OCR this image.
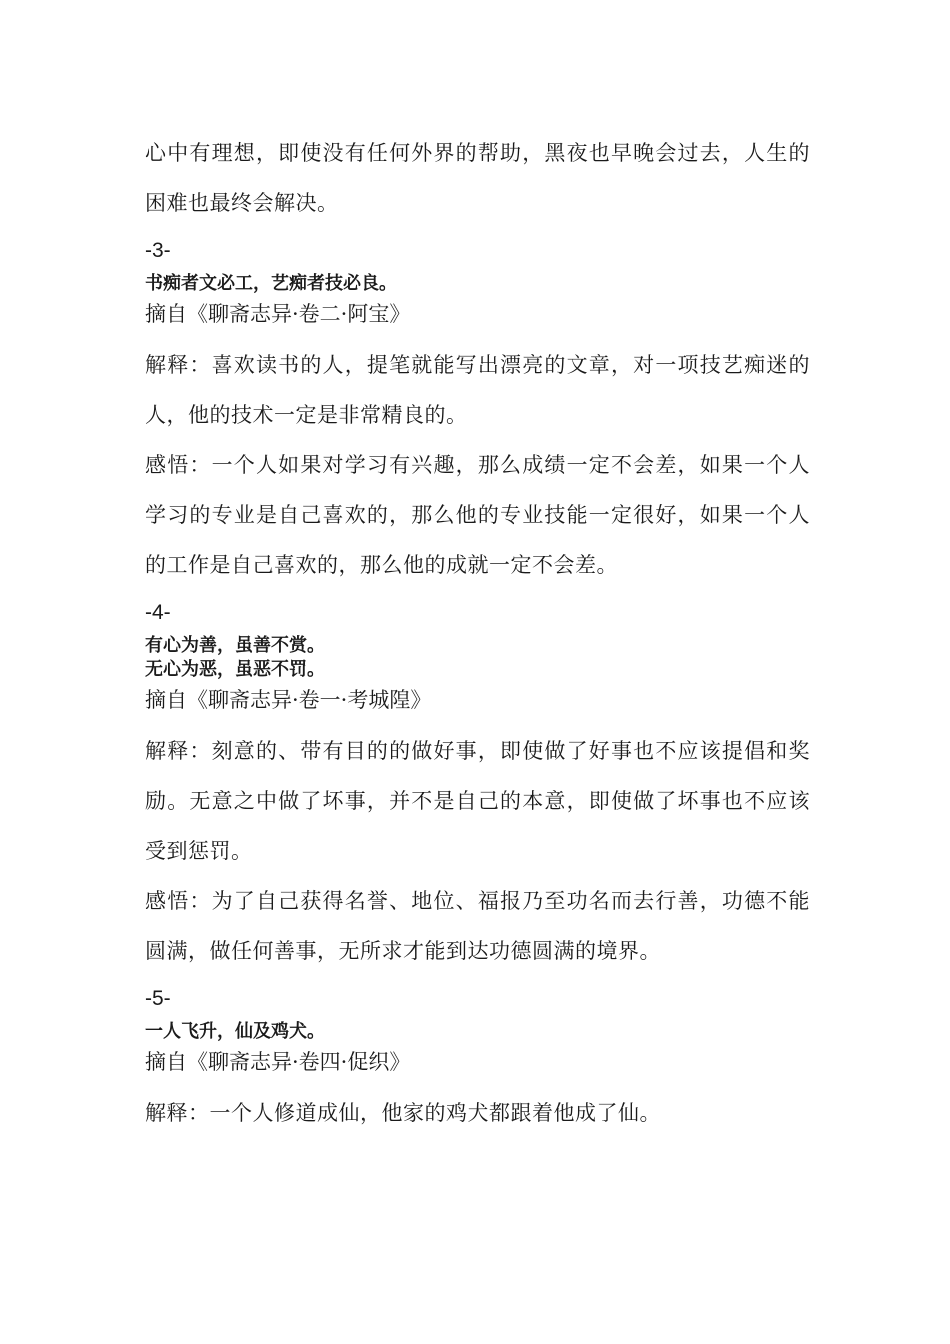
心中有理想，即使没有任何外界的帮助，黑夜也早晚会过去，人生的困难也最终会解决。

-3-

书痴者文必工，艺痴者技必良。

摘自《聊斋志异·卷二·阿宝》

解释：喜欢读书的人，提笔就能写出漂亮的文章，对一项技艺痴迷的人，他的技术一定是非常精良的。

感悟：一个人如果对学习有兴趣，那么成绩一定不会差，如果一个人学习的专业是自己喜欢的，那么他的专业技能一定很好，如果一个人的工作是自己喜欢的，那么他的成就一定不会差。

-4-

有心为善，虽善不赏。

无心为恶，虽恶不罚。

摘自《聊斋志异·卷一·考城隍》

解释：刻意的、带有目的的做好事，即使做了好事也不应该提倡和奖励。无意之中做了坏事，并不是自己的本意，即使做了坏事也不应该受到惩罚。

感悟：为了自己获得名誉、地位、福报乃至功名而去行善，功德不能圆满，做任何善事，无所求才能到达功德圆满的境界。

-5-

一人飞升，仙及鸡犬。

摘自《聊斋志异·卷四·促织》

解释：一个人修道成仙，他家的鸡犬都跟着他成了仙。
